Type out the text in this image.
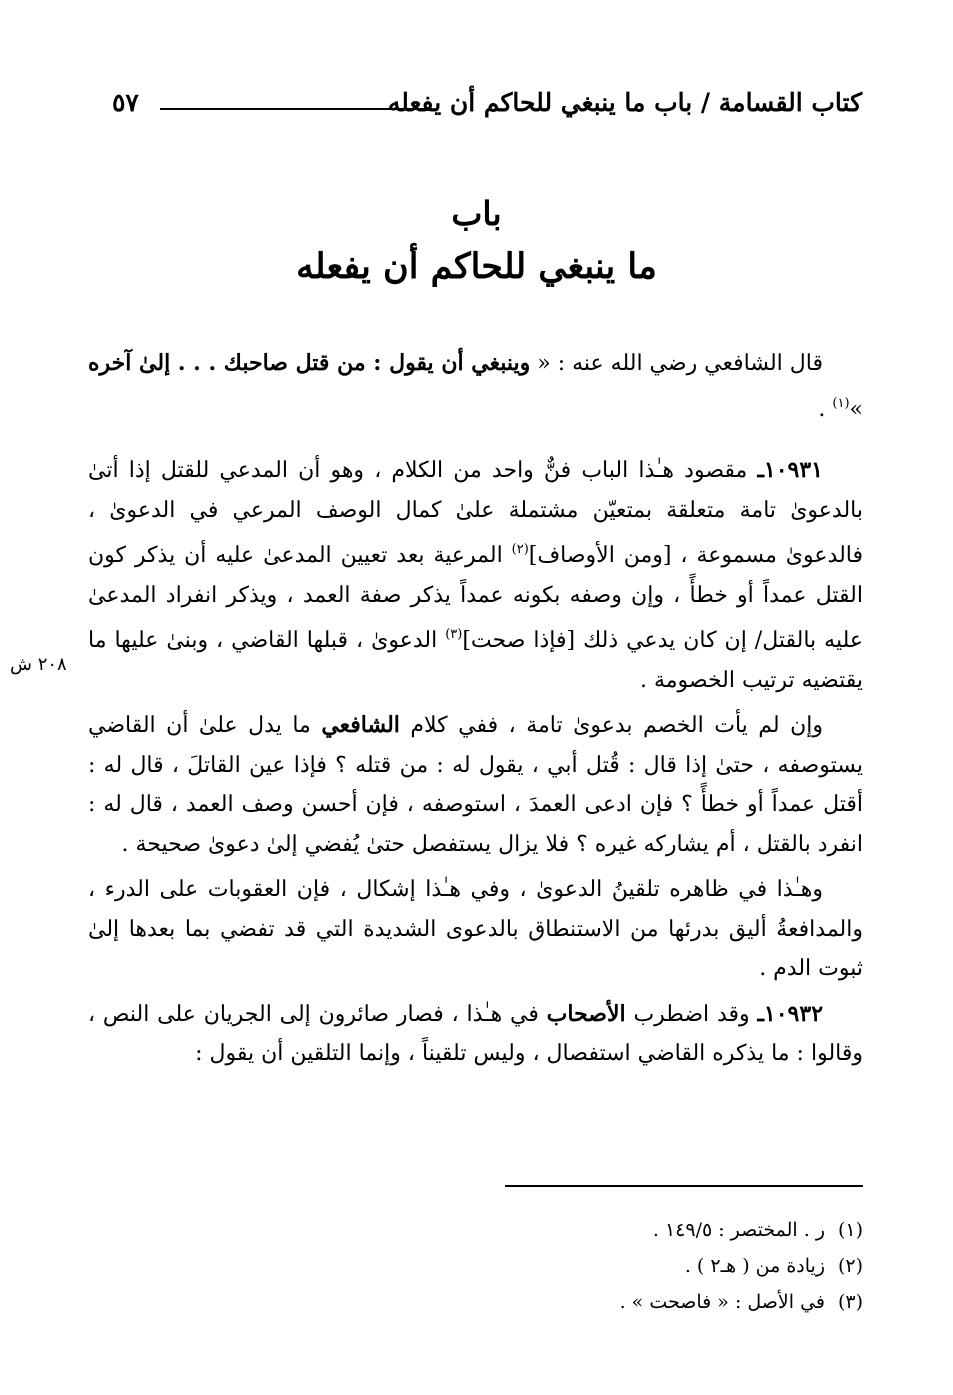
كتاب القسامة / باب ما ينبغي للحاكم أن يفعله
٥٧
باب
ما ينبغي للحاكم أن يفعله

قال الشافعي رضي الله عنه : « وينبغي أن يقول : من قتل صاحبك . . . إلىٰ آخره »$^{(١)}$ .

١٠٩٣١ـ مقصود هـٰذا الباب فنٌّ واحد من الكلام ، وهو أن المدعي للقتل إذا أتىٰ بالدعوىٰ تامة متعلقة بمتعيّن مشتملة علىٰ كمال الوصف المرعي في الدعوىٰ ، فالدعوىٰ مسموعة ، [ومن الأوصاف]$^{(٢)}$ المرعية بعد تعيين المدعىٰ عليه أن يذكر كون القتل عمداً أو خطأً ، وإن وصفه بكونه عمداً يذكر صفة العمد ، ويذكر انفراد المدعىٰ عليه بالقتل/ إن كان يدعي ذلك [فإذا صحت]$^{(٣)}$ الدعوىٰ ، قبلها القاضي ، وبنىٰ عليها ما يقتضيه ترتيب الخصومة .

وإن لم يأت الخصم بدعوىٰ تامة ، ففي كلام الشافعي ما يدل علىٰ أن القاضي يستوصفه ، حتىٰ إذا قال : قُتل أبي ، يقول له : من قتله ؟ فإذا عين القاتلَ ، قال له : أقتل عمداً أو خطأً ؟ فإن ادعى العمدَ ، استوصفه ، فإن أحسن وصف العمد ، قال له : انفرد بالقتل ، أم يشاركه غيره ؟ فلا يزال يستفصل حتىٰ يُفضي إلىٰ دعوىٰ صحيحة .

وهـٰذا في ظاهره تلقينُ الدعوىٰ ، وفي هـٰذا إشكال ، فإن العقوبات على الدرء ، والمدافعةُ أليق بدرئها من الاستنطاق بالدعوى الشديدة التي قد تفضي بما بعدها إلىٰ ثبوت الدم .

١٠٩٣٢ـ وقد اضطرب الأصحاب في هـٰذا ، فصار صائرون إلى الجريان على النص ، وقالوا : ما يذكره القاضي استفصال ، وليس تلقيناً ، وإنما التلقين أن يقول :

٢٠٨ ش
(١)ر . المختصر : ١٤٩/٥ .
(٢)زيادة من ( هـ٢ ) .
(٣)في الأصل : « فاصحت » .
